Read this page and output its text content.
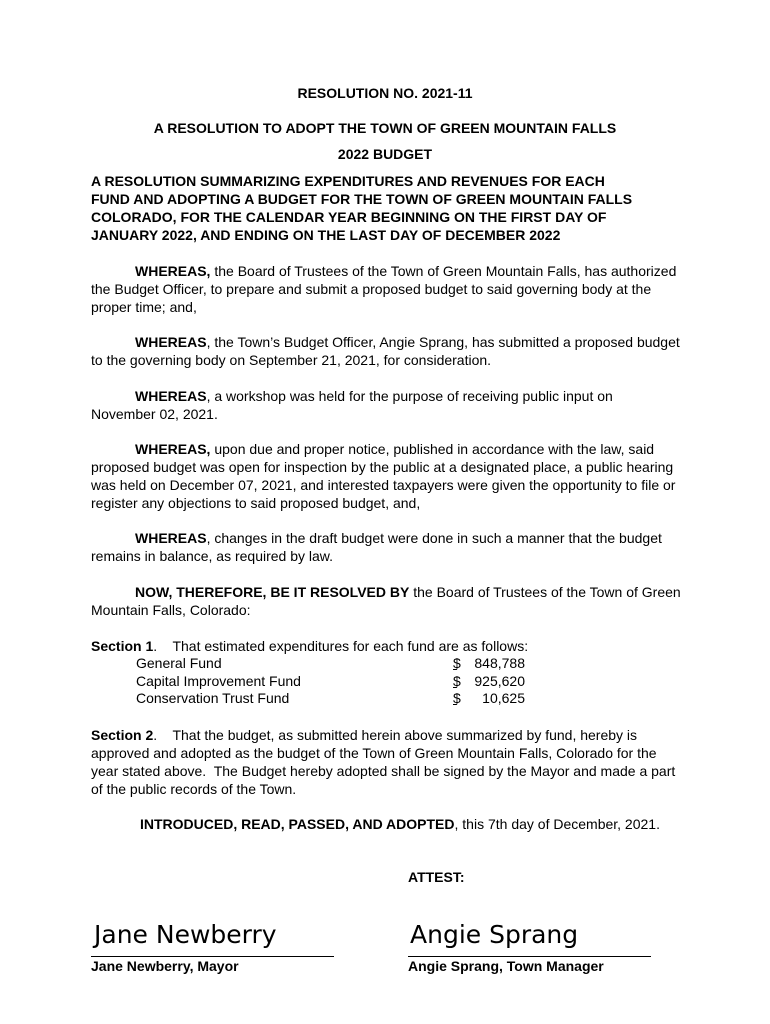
RESOLUTION NO. 2021-11
A RESOLUTION TO ADOPT THE TOWN OF GREEN MOUNTAIN FALLS
2022 BUDGET
A RESOLUTION SUMMARIZING EXPENDITURES AND REVENUES FOR EACH
FUND AND ADOPTING A BUDGET FOR THE TOWN OF GREEN MOUNTAIN FALLS
COLORADO, FOR THE CALENDAR YEAR BEGINNING ON THE FIRST DAY OF
JANUARY 2022, AND ENDING ON THE LAST DAY OF DECEMBER 2022
WHEREAS, the Board of Trustees of the Town of Green Mountain Falls, has authorized the Budget Officer, to prepare and submit a proposed budget to said governing body at the proper time; and,
WHEREAS, the Town’s Budget Officer, Angie Sprang, has submitted a proposed budget to the governing body on September 21, 2021, for consideration.
WHEREAS, a workshop was held for the purpose of receiving public input on November 02, 2021.
WHEREAS, upon due and proper notice, published in accordance with the law, said proposed budget was open for inspection by the public at a designated place, a public hearing was held on December 07, 2021, and interested taxpayers were given the opportunity to file or register any objections to said proposed budget, and,
WHEREAS, changes in the draft budget were done in such a manner that the budget remains in balance, as required by law.
NOW, THEREFORE, BE IT RESOLVED BY the Board of Trustees of the Town of Green Mountain Falls, Colorado:
Section 1.    That estimated expenditures for each fund are as follows:
General Fund	$ 848,788

Capital Improvement Fund	$ 925,620

Conservation Trust Fund	$ 10,625

Section 2.    That the budget, as submitted herein above summarized by fund, hereby is approved and adopted as the budget of the Town of Green Mountain Falls, Colorado for the year stated above.  The Budget hereby adopted shall be signed by the Mayor and made a part of the public records of the Town.
INTRODUCED, READ, PASSED, AND ADOPTED, this 7th day of December, 2021.
ATTEST:
Jane Newberry
Jane Newberry, Mayor
Angie Sprang
Angie Sprang, Town Manager
